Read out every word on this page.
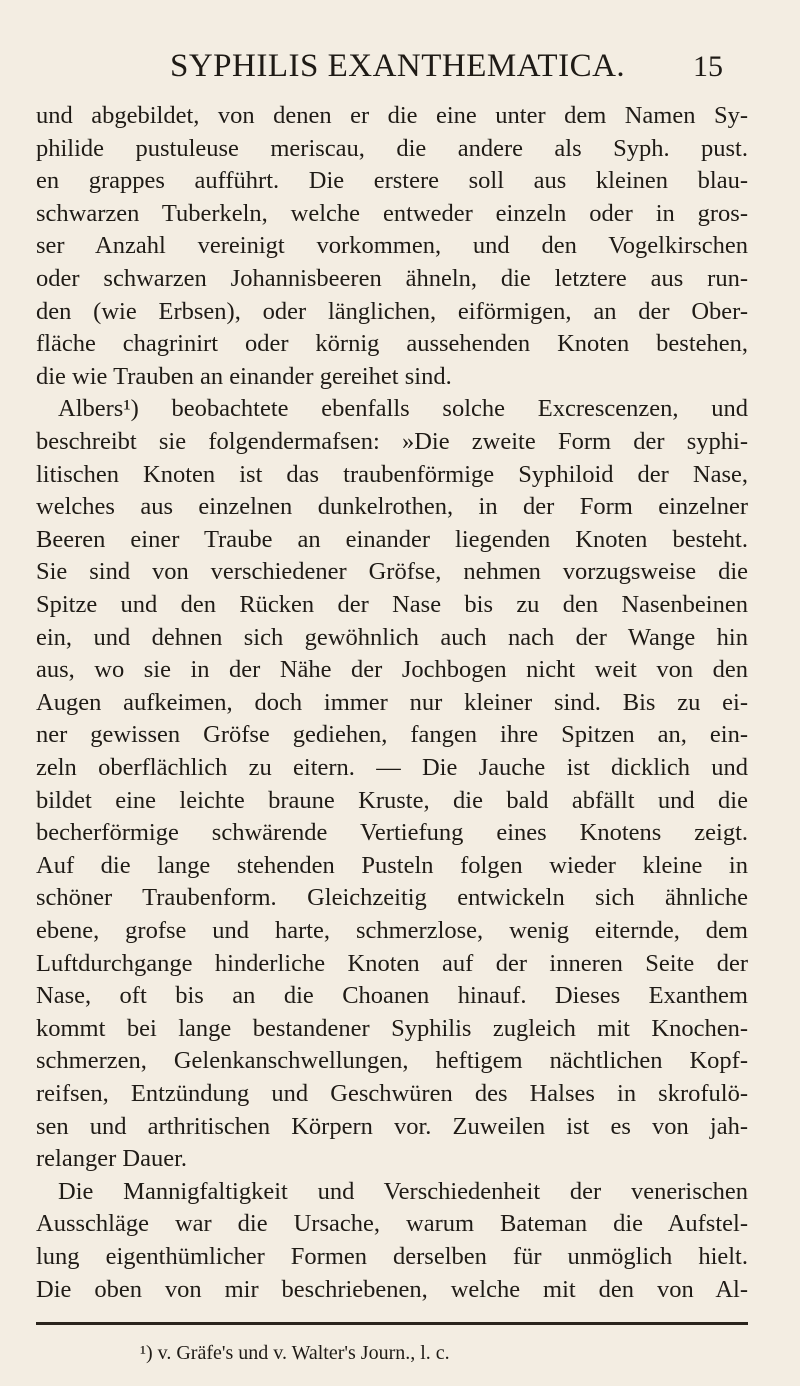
SYPHILIS EXANTHEMATICA. 15
und abgebildet, von denen er die eine unter dem Namen Sy-
philide pustuleuse meriscau, die andere als Syph. pust.
en grappes aufführt. Die erstere soll aus kleinen blau-
schwarzen Tuberkeln, welche entweder einzeln oder in gros-
ser Anzahl vereinigt vorkommen, und den Vogelkirschen
oder schwarzen Johannisbeeren ähneln, die letztere aus run-
den (wie Erbsen), oder länglichen, eiförmigen, an der Ober-
fläche chagrinirt oder körnig aussehenden Knoten bestehen,
die wie Trauben an einander gereihet sind.
Albers¹) beobachtete ebenfalls solche Excrescenzen, und
beschreibt sie folgendermafsen: »Die zweite Form der syphi-
litischen Knoten ist das traubenförmige Syphiloid der Nase,
welches aus einzelnen dunkelrothen, in der Form einzelner
Beeren einer Traube an einander liegenden Knoten besteht.
Sie sind von verschiedener Gröfse, nehmen vorzugsweise die
Spitze und den Rücken der Nase bis zu den Nasenbeinen
ein, und dehnen sich gewöhnlich auch nach der Wange hin
aus, wo sie in der Nähe der Jochbogen nicht weit von den
Augen aufkeimen, doch immer nur kleiner sind. Bis zu ei-
ner gewissen Gröfse gediehen, fangen ihre Spitzen an, ein-
zeln oberflächlich zu eitern. — Die Jauche ist dicklich und
bildet eine leichte braune Kruste, die bald abfällt und die
becherförmige schwärende Vertiefung eines Knotens zeigt.
Auf die lange stehenden Pusteln folgen wieder kleine in
schöner Traubenform. Gleichzeitig entwickeln sich ähnliche
ebene, grofse und harte, schmerzlose, wenig eiternde, dem
Luftdurchgange hinderliche Knoten auf der inneren Seite der
Nase, oft bis an die Choanen hinauf. Dieses Exanthem
kommt bei lange bestandener Syphilis zugleich mit Knochen-
schmerzen, Gelenkanschwellungen, heftigem nächtlichen Kopf-
reifsen, Entzündung und Geschwüren des Halses in skrofulö-
sen und arthritischen Körpern vor. Zuweilen ist es von jah-
relanger Dauer.
Die Mannigfaltigkeit und Verschiedenheit der venerischen
Ausschläge war die Ursache, warum Bateman die Aufstel-
lung eigenthümlicher Formen derselben für unmöglich hielt.
Die oben von mir beschriebenen, welche mit den von Al-
¹) v. Gräfe's und v. Walter's Journ., l. c.
